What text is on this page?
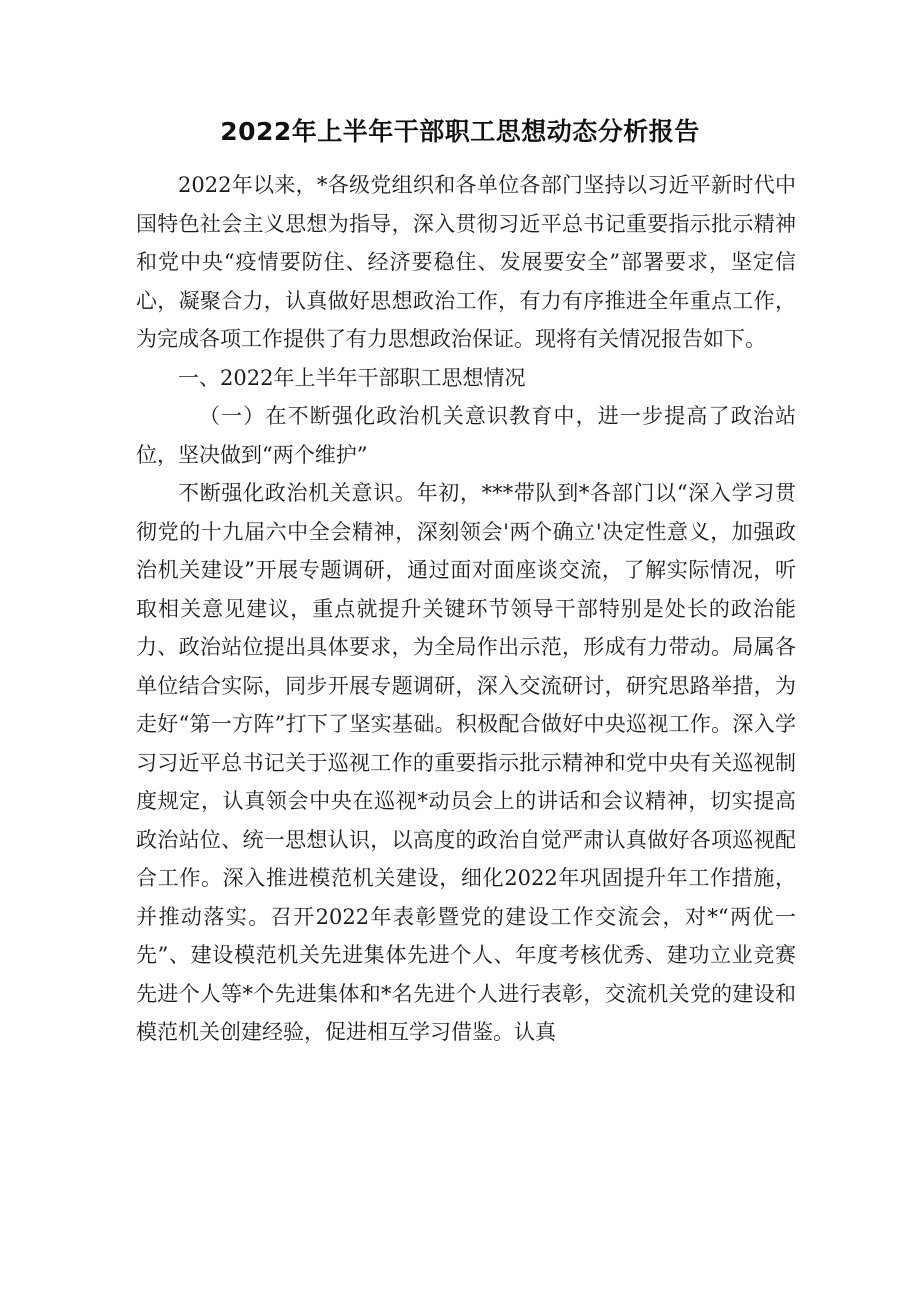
2022年上半年干部职工思想动态分析报告

2022年以来，*各级党组织和各单位各部门坚持以习近平新时代中国特色社会主义思想为指导，深入贯彻习近平总书记重要指示批示精神和党中央“疫情要防住、经济要稳住、发展要安全”部署要求，坚定信心，凝聚合力，认真做好思想政治工作，有力有序推进全年重点工作，为完成各项工作提供了有力思想政治保证。现将有关情况报告如下。

一、2022年上半年干部职工思想情况

（一）在不断强化政治机关意识教育中，进一步提高了政治站位，坚决做到“两个维护”

不断强化政治机关意识。年初，***带队到*各部门以“深入学习贯彻党的十九届六中全会精神，深刻领会'两个确立'决定性意义，加强政治机关建设”开展专题调研，通过面对面座谈交流，了解实际情况，听取相关意见建议，重点就提升关键环节领导干部特别是处长的政治能力、政治站位提出具体要求，为全局作出示范，形成有力带动。局属各单位结合实际，同步开展专题调研，深入交流研讨，研究思路举措，为走好“第一方阵”打下了坚实基础。积极配合做好中央巡视工作。深入学习习近平总书记关于巡视工作的重要指示批示精神和党中央有关巡视制度规定，认真领会中央在巡视*动员会上的讲话和会议精神，切实提高政治站位、统一思想认识，以高度的政治自觉严肃认真做好各项巡视配合工作。深入推进模范机关建设，细化2022年巩固提升年工作措施，并推动落实。召开2022年表彰暨党的建设工作交流会，对*“两优一先”、建设模范机关先进集体先进个人、年度考核优秀、建功立业竞赛先进个人等*个先进集体和*名先进个人进行表彰，交流机关党的建设和模范机关创建经验，促进相互学习借鉴。认真
